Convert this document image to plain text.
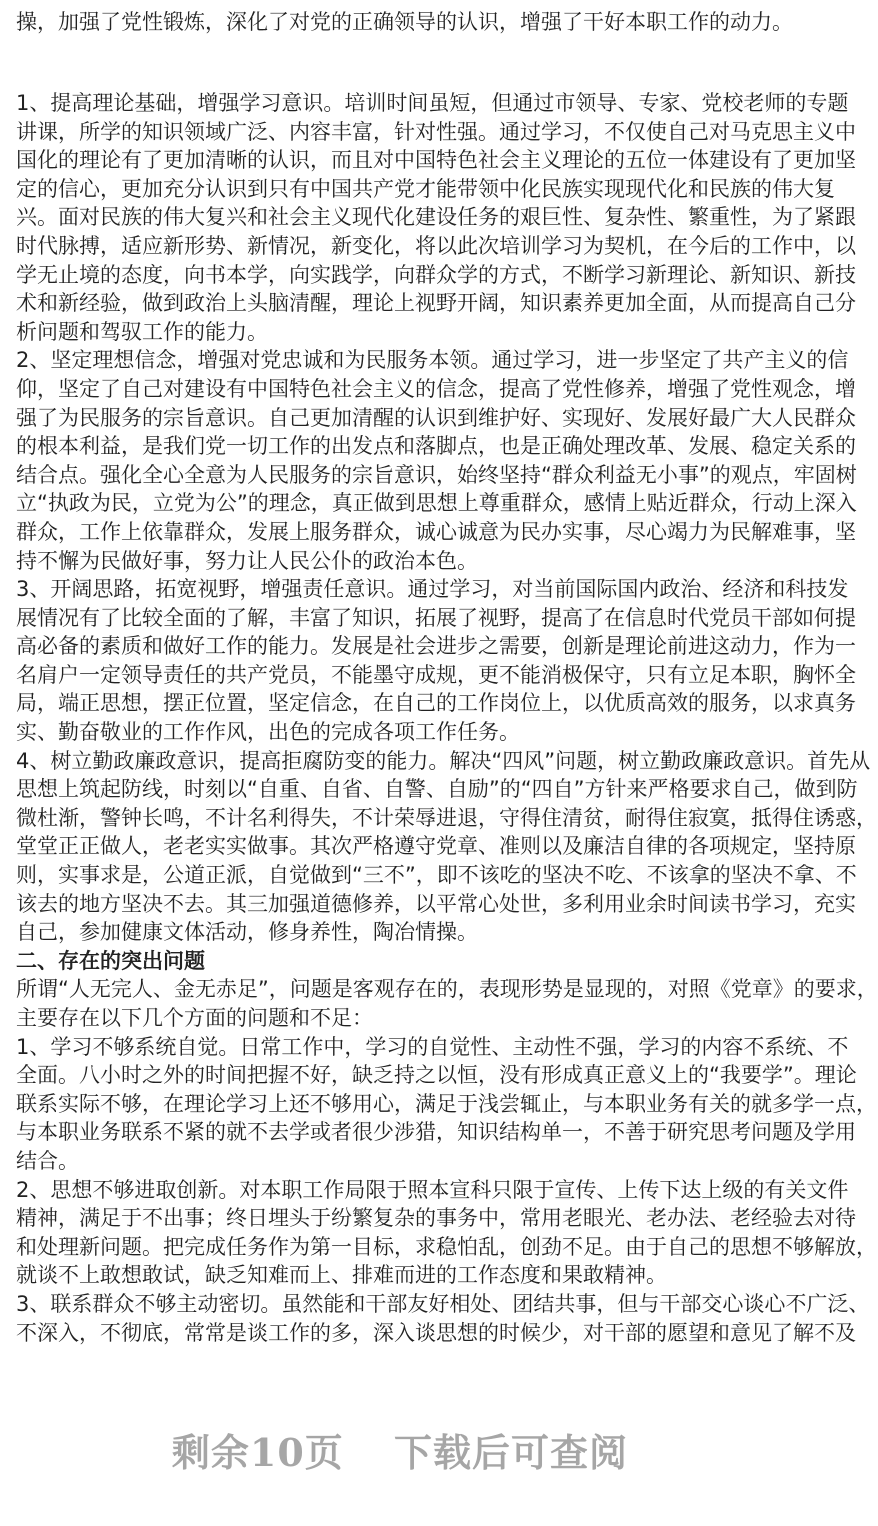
操，加强了党性锻炼，深化了对党的正确领导的认识，增强了干好本职工作的动力。
1、提高理论基础，增强学习意识。培训时间虽短，但通过市领导、专家、党校老师的专题
讲课，所学的知识领域广泛、内容丰富，针对性强。通过学习，不仅使自己对马克思主义中
国化的理论有了更加清晰的认识，而且对中国特色社会主义理论的五位一体建设有了更加坚
定的信心，更加充分认识到只有中国共产党才能带领中化民族实现现代化和民族的伟大复
兴。面对民族的伟大复兴和社会主义现代化建设任务的艰巨性、复杂性、繁重性，为了紧跟
时代脉搏，适应新形势、新情况，新变化，将以此次培训学习为契机，在今后的工作中，以
学无止境的态度，向书本学，向实践学，向群众学的方式，不断学习新理论、新知识、新技
术和新经验，做到政治上头脑清醒，理论上视野开阔，知识素养更加全面，从而提高自己分
析问题和驾驭工作的能力。
2、坚定理想信念，增强对党忠诚和为民服务本领。通过学习，进一步坚定了共产主义的信
仰，坚定了自己对建设有中国特色社会主义的信念，提高了党性修养，增强了党性观念，增
强了为民服务的宗旨意识。自己更加清醒的认识到维护好、实现好、发展好最广大人民群众
的根本利益，是我们党一切工作的出发点和落脚点，也是正确处理改革、发展、稳定关系的
结合点。强化全心全意为人民服务的宗旨意识，始终坚持“群众利益无小事”的观点，牢固树
立“执政为民，立党为公”的理念，真正做到思想上尊重群众，感情上贴近群众，行动上深入
群众，工作上依靠群众，发展上服务群众，诚心诚意为民办实事，尽心竭力为民解难事，坚
持不懈为民做好事，努力让人民公仆的政治本色。
3、开阔思路，拓宽视野，增强责任意识。通过学习，对当前国际国内政治、经济和科技发
展情况有了比较全面的了解，丰富了知识，拓展了视野，提高了在信息时代党员干部如何提
高必备的素质和做好工作的能力。发展是社会进步之需要，创新是理论前进这动力，作为一
名肩户一定领导责任的共产党员，不能墨守成规，更不能消极保守，只有立足本职，胸怀全
局，端正思想，摆正位置，坚定信念，在自己的工作岗位上，以优质高效的服务，以求真务
实、勤奋敬业的工作作风，出色的完成各项工作任务。
4、树立勤政廉政意识，提高拒腐防变的能力。解决“四风”问题，树立勤政廉政意识。首先从
思想上筑起防线，时刻以“自重、自省、自警、自励”的“四自”方针来严格要求自己，做到防
微杜渐，警钟长鸣，不计名利得失，不计荣辱进退，守得住清贫，耐得住寂寞，抵得住诱惑，
堂堂正正做人，老老实实做事。其次严格遵守党章、准则以及廉洁自律的各项规定，坚持原
则，实事求是，公道正派，自觉做到“三不”，即不该吃的坚决不吃、不该拿的坚决不拿、不
该去的地方坚决不去。其三加强道德修养，以平常心处世，多利用业余时间读书学习，充实
自己，参加健康文体活动，修身养性，陶冶情操。
二、存在的突出问题
所谓“人无完人、金无赤足”，问题是客观存在的，表现形势是显现的，对照《党章》的要求，
主要存在以下几个方面的问题和不足：
1、学习不够系统自觉。日常工作中，学习的自觉性、主动性不强，学习的内容不系统、不
全面。八小时之外的时间把握不好，缺乏持之以恒，没有形成真正意义上的“我要学”。理论
联系实际不够，在理论学习上还不够用心，满足于浅尝辄止，与本职业务有关的就多学一点，
与本职业务联系不紧的就不去学或者很少涉猎，知识结构单一，不善于研究思考问题及学用
结合。
2、思想不够进取创新。对本职工作局限于照本宣科只限于宣传、上传下达上级的有关文件
精神，满足于不出事；终日埋头于纷繁复杂的事务中，常用老眼光、老办法、老经验去对待
和处理新问题。把完成任务作为第一目标，求稳怕乱，创劲不足。由于自己的思想不够解放，
就谈不上敢想敢试，缺乏知难而上、排难而进的工作态度和果敢精神。
3、联系群众不够主动密切。虽然能和干部友好相处、团结共事，但与干部交心谈心不广泛、
不深入，不彻底，常常是谈工作的多，深入谈思想的时候少，对干部的愿望和意见了解不及
剩余10页 下载后可查阅
